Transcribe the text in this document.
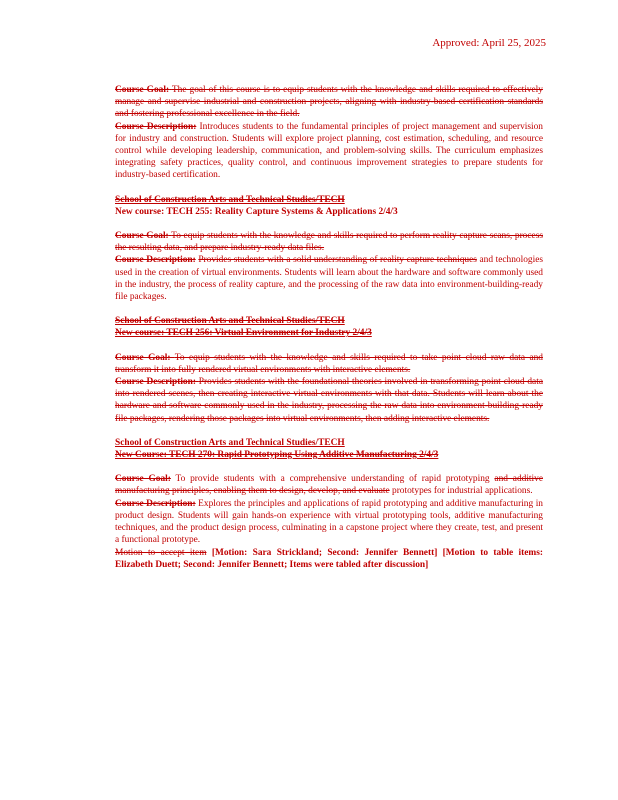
Approved: April 25, 2025

Course Goal: The goal of this course is to equip students with the knowledge and skills required to effectively manage and supervise industrial and construction projects, aligning with industry-based certification standards and fostering professional excellence in the field.

Course Description: Introduces students to the fundamental principles of project management and supervision for industry and construction. Students will explore project planning, cost estimation, scheduling, and resource control while developing leadership, communication, and problem-solving skills. The curriculum emphasizes integrating safety practices, quality control, and continuous improvement strategies to prepare students for industry-based certification.

School of Construction Arts and Technical Studies/TECH

New course: TECH 255: Reality Capture Systems & Applications 2/4/3

Course Goal: To equip students with the knowledge and skills required to perform reality capture scans, process the resulting data, and prepare industry-ready data files.

Course Description: Provides students with a solid understanding of reality capture techniques and technologies used in the creation of virtual environments. Students will learn about the hardware and software commonly used in the industry, the process of reality capture, and the processing of the raw data into environment-building-ready file packages.

School of Construction Arts and Technical Studies/TECH

New course: TECH 256: Virtual Environment for Industry 2/4/3

Course Goal: To equip students with the knowledge and skills required to take point cloud raw data and transform it into fully rendered virtual environments with interactive elements.

Course Description: Provides students with the foundational theories involved in transforming point cloud data into rendered scenes, then creating interactive virtual environments with that data. Students will learn about the hardware and software commonly used in the industry, processing the raw data into environment-building-ready file packages, rendering those packages into virtual environments, then adding interactive elements.

School of Construction Arts and Technical Studies/TECH

New Course: TECH 270: Rapid Prototyping Using Additive Manufacturing 2/4/3

Course Goal: To provide students with a comprehensive understanding of rapid prototyping and additive manufacturing principles, enabling them to design, develop, and evaluate prototypes for industrial applications.

Course Description: Explores the principles and applications of rapid prototyping and additive manufacturing in product design. Students will gain hands-on experience with virtual prototyping tools, additive manufacturing techniques, and the product design process, culminating in a capstone project where they create, test, and present a functional prototype.

Motion to accept item [Motion: Sara Strickland; Second: Jennifer Bennett] [Motion to table items: Elizabeth Duett; Second: Jennifer Bennett; Items were tabled after discussion]
